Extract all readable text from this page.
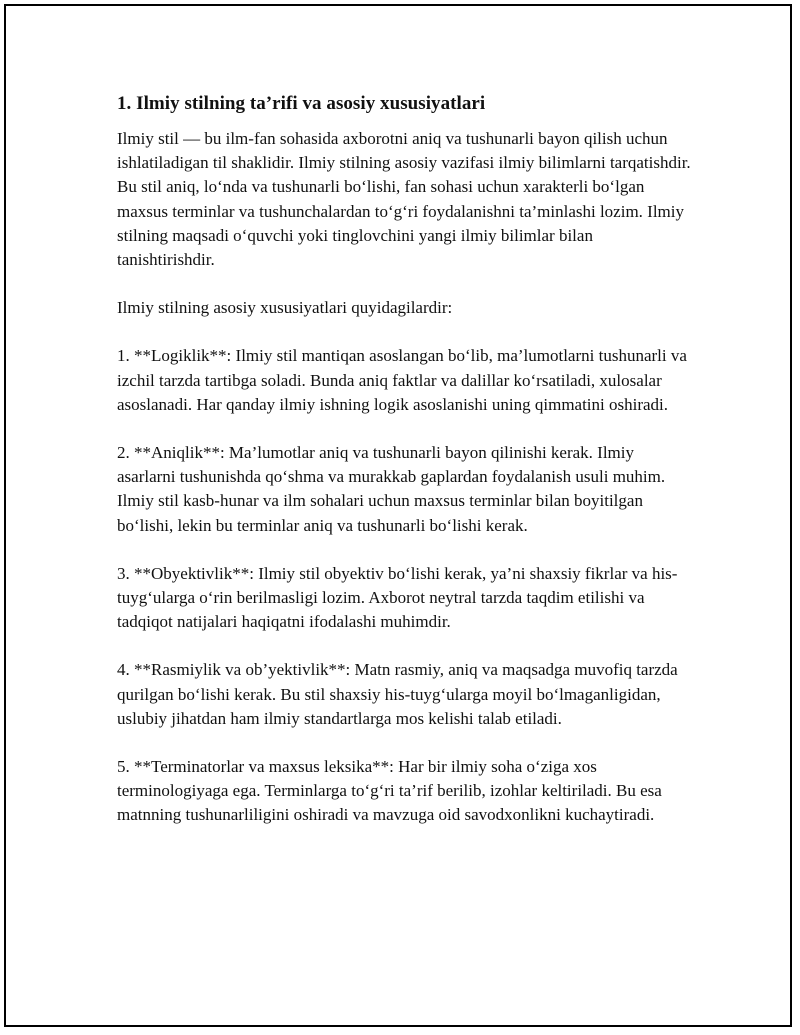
1. Ilmiy stilning ta’rifi va asosiy xususiyatlari

Ilmiy stil — bu ilm-fan sohasida axborotni aniq va tushunarli bayon qilish uchun ishlatiladigan til shaklidir. Ilmiy stilning asosiy vazifasi ilmiy bilimlarni tarqatishdir. Bu stil aniq, lo‘nda va tushunarli bo‘lishi, fan sohasi uchun xarakterli bo‘lgan maxsus terminlar va tushunchalardan to‘g‘ri foydalanishni ta’minlashi lozim. Ilmiy stilning maqsadi o‘quvchi yoki tinglovchini yangi ilmiy bilimlar bilan tanishtirishdir.

Ilmiy stilning asosiy xususiyatlari quyidagilardir:

1. **Logiklik**: Ilmiy stil mantiqan asoslangan bo‘lib, ma’lumotlarni tushunarli va izchil tarzda tartibga soladi. Bunda aniq faktlar va dalillar ko‘rsatiladi, xulosalar asoslanadi. Har qanday ilmiy ishning logik asoslanishi uning qimmatini oshiradi.

2. **Aniqlik**: Ma’lumotlar aniq va tushunarli bayon qilinishi kerak. Ilmiy asarlarni tushunishda qo‘shma va murakkab gaplardan foydalanish usuli muhim. Ilmiy stil kasb-hunar va ilm sohalari uchun maxsus terminlar bilan boyitilgan bo‘lishi, lekin bu terminlar aniq va tushunarli bo‘lishi kerak.

3. **Obyektivlik**: Ilmiy stil obyektiv bo‘lishi kerak, ya’ni shaxsiy fikrlar va his-tuyg‘ularga o‘rin berilmasligi lozim. Axborot neytral tarzda taqdim etilishi va tadqiqot natijalari haqiqatni ifodalashi muhimdir.

4. **Rasmiylik va ob’yektivlik**: Matn rasmiy, aniq va maqsadga muvofiq tarzda qurilgan bo‘lishi kerak. Bu stil shaxsiy his-tuyg‘ularga moyil bo‘lmaganligidan, uslubiy jihatdan ham ilmiy standartlarga mos kelishi talab etiladi.

5. **Terminatorlar va maxsus leksika**: Har bir ilmiy soha o‘ziga xos terminologiyaga ega. Terminlarga to‘g‘ri ta’rif berilib, izohlar keltiriladi. Bu esa matnning tushunarliligini oshiradi va mavzuga oid savodxonlikni kuchaytiradi.
